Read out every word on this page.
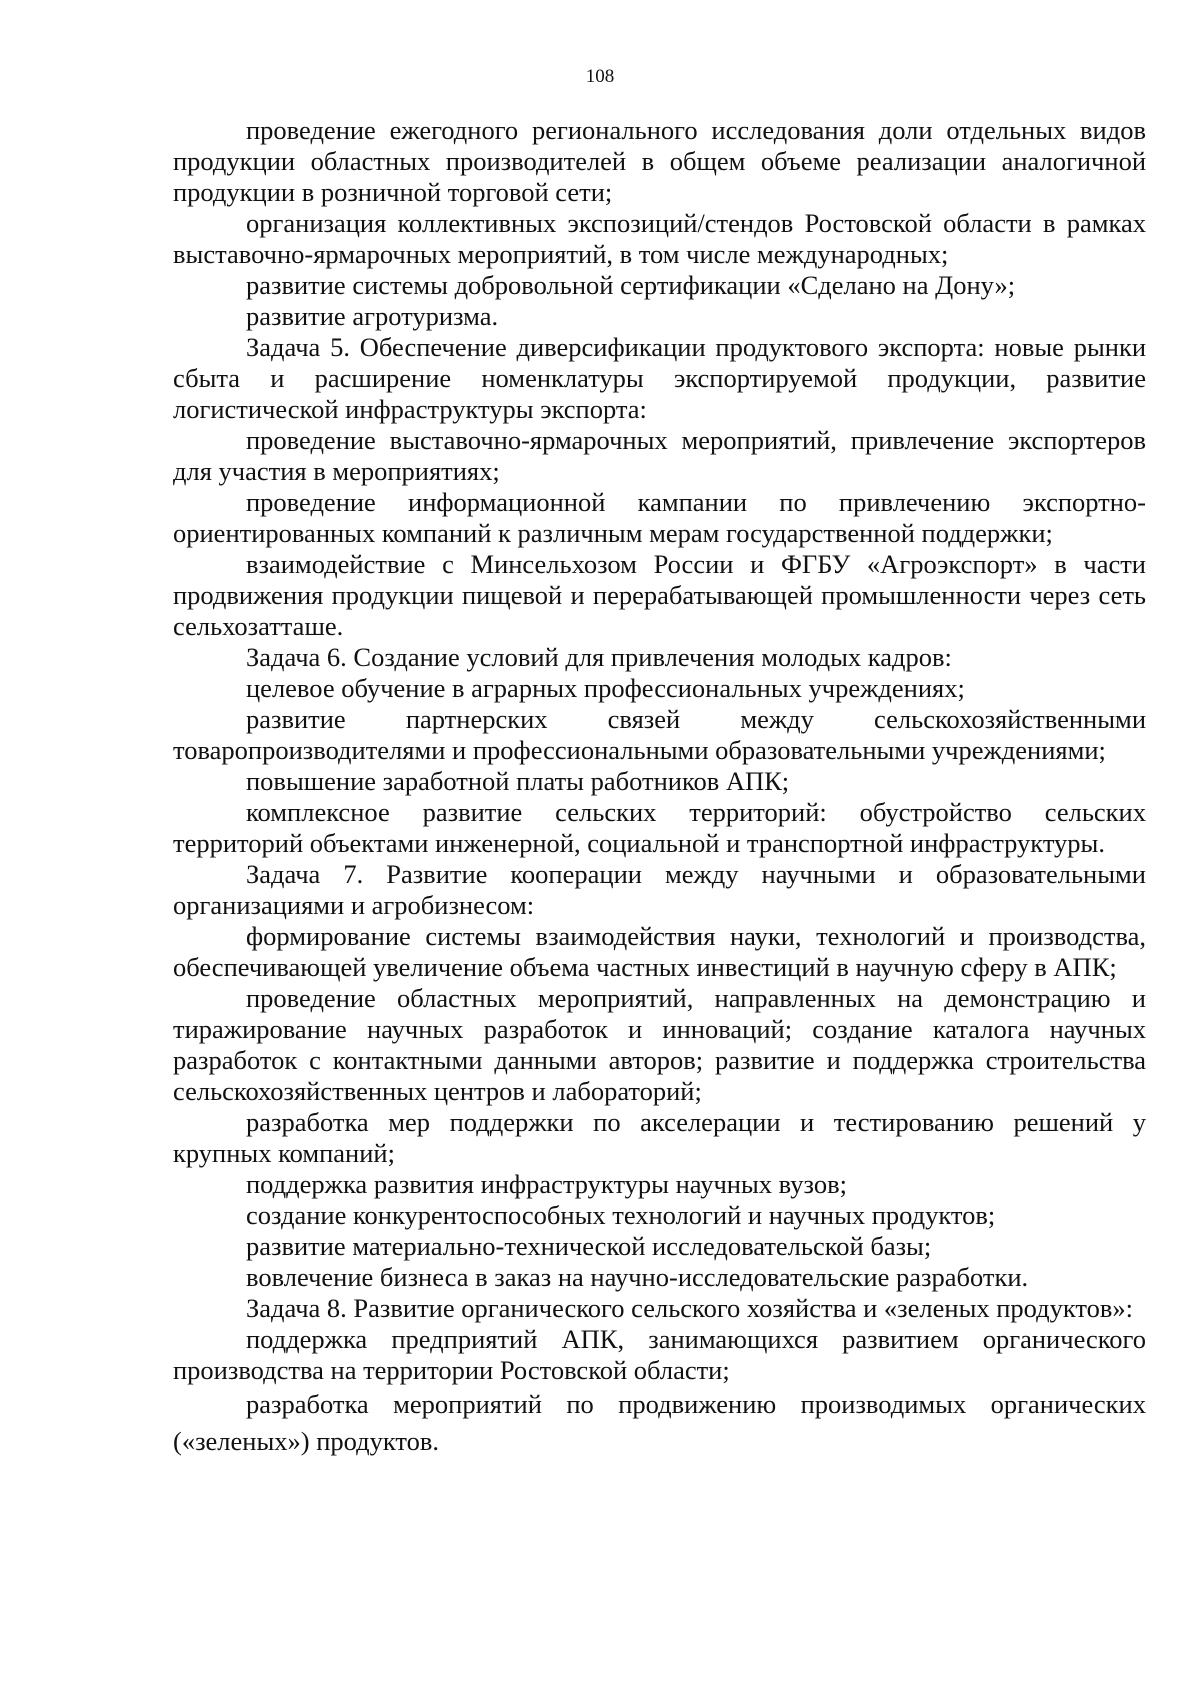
108

проведение ежегодного регионального исследования доли отдельных видов продукции областных производителей в общем объеме реализации аналогичной продукции в розничной торговой сети;

организация коллективных экспозиций/стендов Ростовской области в рамках выставочно-ярмарочных мероприятий, в том числе международных;

развитие системы добровольной сертификации «Сделано на Дону»;

развитие агротуризма.

Задача 5. Обеспечение диверсификации продуктового экспорта: новые рынки сбыта и расширение номенклатуры экспортируемой продукции, развитие логистической инфраструктуры экспорта:

проведение выставочно-ярмарочных мероприятий, привлечение экспортеров для участия в мероприятиях;

проведение информационной кампании по привлечению экспортно-ориентированных компаний к различным мерам государственной поддержки;

взаимодействие с Минсельхозом России и ФГБУ «Агроэкспорт» в части продвижения продукции пищевой и перерабатывающей промышленности через сеть сельхозатташе.

Задача 6. Создание условий для привлечения молодых кадров:

целевое обучение в аграрных профессиональных учреждениях;

развитие партнерских связей между сельскохозяйственными товаропроизводителями и профессиональными образовательными учреждениями;

повышение заработной платы работников АПК;

комплексное развитие сельских территорий: обустройство сельских территорий объектами инженерной, социальной и транспортной инфраструктуры.

Задача 7. Развитие кооперации между научными и образовательными организациями и агробизнесом:

формирование системы взаимодействия науки, технологий и производства, обеспечивающей увеличение объема частных инвестиций в научную сферу в АПК;

проведение областных мероприятий, направленных на демонстрацию и тиражирование научных разработок и инноваций; создание каталога научных разработок с контактными данными авторов; развитие и поддержка строительства сельскохозяйственных центров и лабораторий;

разработка мер поддержки по акселерации и тестированию решений у крупных компаний;

поддержка развития инфраструктуры научных вузов;

создание конкурентоспособных технологий и научных продуктов;

развитие материально-технической исследовательской базы;

вовлечение бизнеса в заказ на научно-исследовательские разработки.

Задача 8. Развитие органического сельского хозяйства и «зеленых продуктов»:

поддержка предприятий АПК, занимающихся развитием органического производства на территории Ростовской области;

разработка мероприятий по продвижению производимых органических («зеленых») продуктов.
